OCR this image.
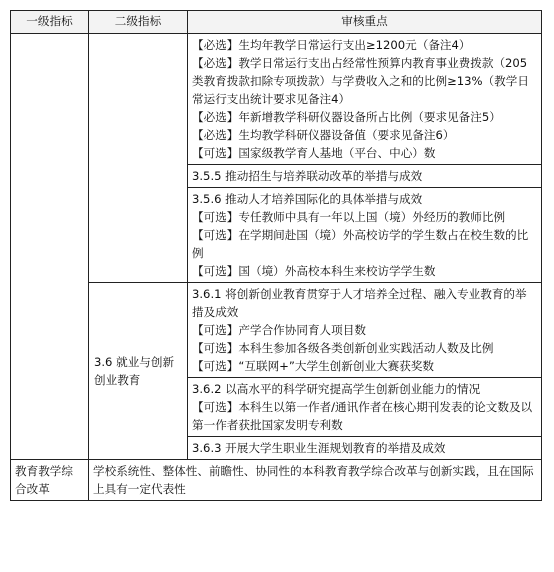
一级指标	二级指标	审核重点

		【必选】生均年教学日常运行支出≥1200元（备注4）
【必选】教学日常运行支出占经常性预算内教育事业费拨款（205类教育拨款扣除专项拨款）与学费收入之和的比例≥13%（教学日常运行支出统计要求见备注4）
【必选】年新增教学科研仪器设备所占比例（要求见备注5）
【必选】生均教学科研仪器设备值（要求见备注6）
【可选】国家级教学育人基地（平台、中心）数

		3.5.5 推动招生与培养联动改革的举措与成效

		3.5.6 推动人才培养国际化的具体举措与成效
【可选】专任教师中具有一年以上国（境）外经历的教师比例
【可选】在学期间赴国（境）外高校访学的学生数占在校生数的比例
【可选】国（境）外高校本科生来校访学学生数

	3.6 就业与创新创业教育	3.6.1 将创新创业教育贯穿于人才培养全过程、融入专业教育的举措及成效
【可选】产学合作协同育人项目数
【可选】本科生参加各级各类创新创业实践活动人数及比例
【可选】“互联网+”大学生创新创业大赛获奖数

		3.6.2 以高水平的科学研究提高学生创新创业能力的情况
【可选】本科生以第一作者/通讯作者在核心期刊发表的论文数及以第一作者获批国家发明专利数

		3.6.3 开展大学生职业生涯规划教育的举措及成效

教育教学综合改革	学校系统性、整体性、前瞻性、协同性的本科教育教学综合改革与创新实践，且在国际上具有一定代表性	
